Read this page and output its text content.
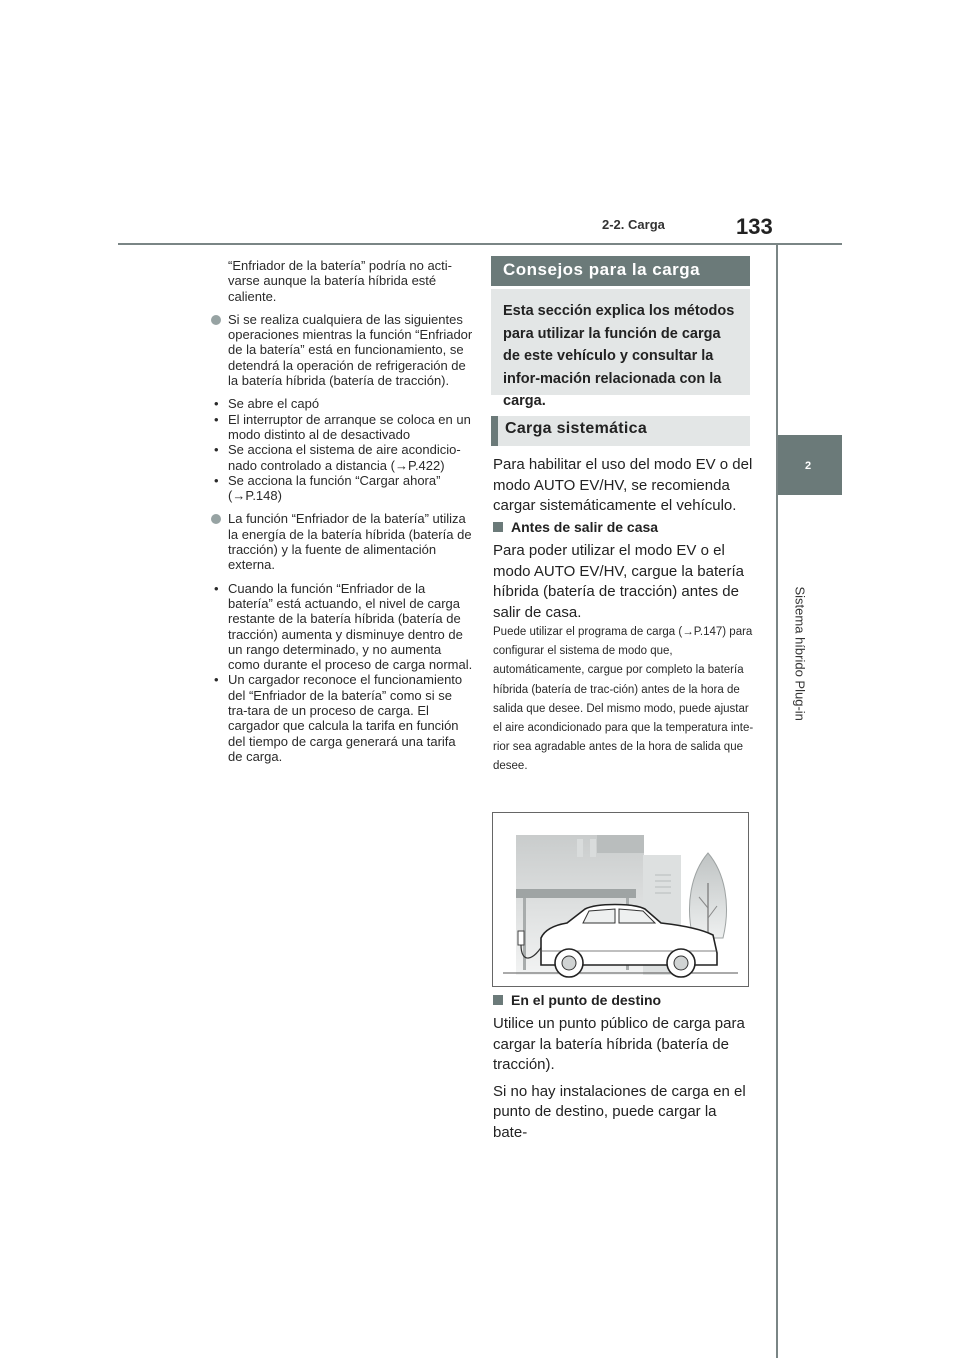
2-2. Carga	133
2
Sistema híbrido Plug-in

“Enfriador de la batería” podría no acti-varse aunque la batería híbrida esté caliente.

Si se realiza cualquiera de las siguientes operaciones mientras la función “Enfriador de la batería” está en funcionamiento, se detendrá la operación de refrigeración de la batería híbrida (batería de tracción).

• Se abre el capó
• El interruptor de arranque se coloca en un modo distinto al de desactivado
• Se acciona el sistema de aire acondicio-nado controlado a distancia (→P.422)
• Se acciona la función “Cargar ahora” (→P.148)

La función “Enfriador de la batería” utiliza la energía de la batería híbrida (batería de tracción) y la fuente de alimentación externa.

• Cuando la función “Enfriador de la batería” está actuando, el nivel de carga restante de la batería híbrida (batería de tracción) aumenta y disminuye dentro de un rango determinado, y no aumenta como durante el proceso de carga normal.
• Un cargador reconoce el funcionamiento del “Enfriador de la batería” como si se tra-tara de un proceso de carga. El cargador que calcula la tarifa en función del tiempo de carga generará una tarifa de carga.
Consejos para la carga
Esta sección explica los métodos para utilizar la función de carga de este vehículo y consultar la infor-mación relacionada con la carga.
Carga sistemática
Para habilitar el uso del modo EV o del modo AUTO EV/HV, se recomienda cargar sistemáticamente el vehículo.
Antes de salir de casa
Para poder utilizar el modo EV o el modo AUTO EV/HV, cargue la batería híbrida (batería de tracción) antes de salir de casa.
Puede utilizar el programa de carga (→P.147) para configurar el sistema de modo que, automáticamente, cargue por completo la batería híbrida (batería de trac-ción) antes de la hora de salida que desee. Del mismo modo, puede ajustar el aire acondicionado para que la temperatura inte-rior sea agradable antes de la hora de salida que desee.
En el punto de destino
Utilice un punto público de carga para cargar la batería híbrida (batería de tracción).
Si no hay instalaciones de carga en el punto de destino, puede cargar la bate-
